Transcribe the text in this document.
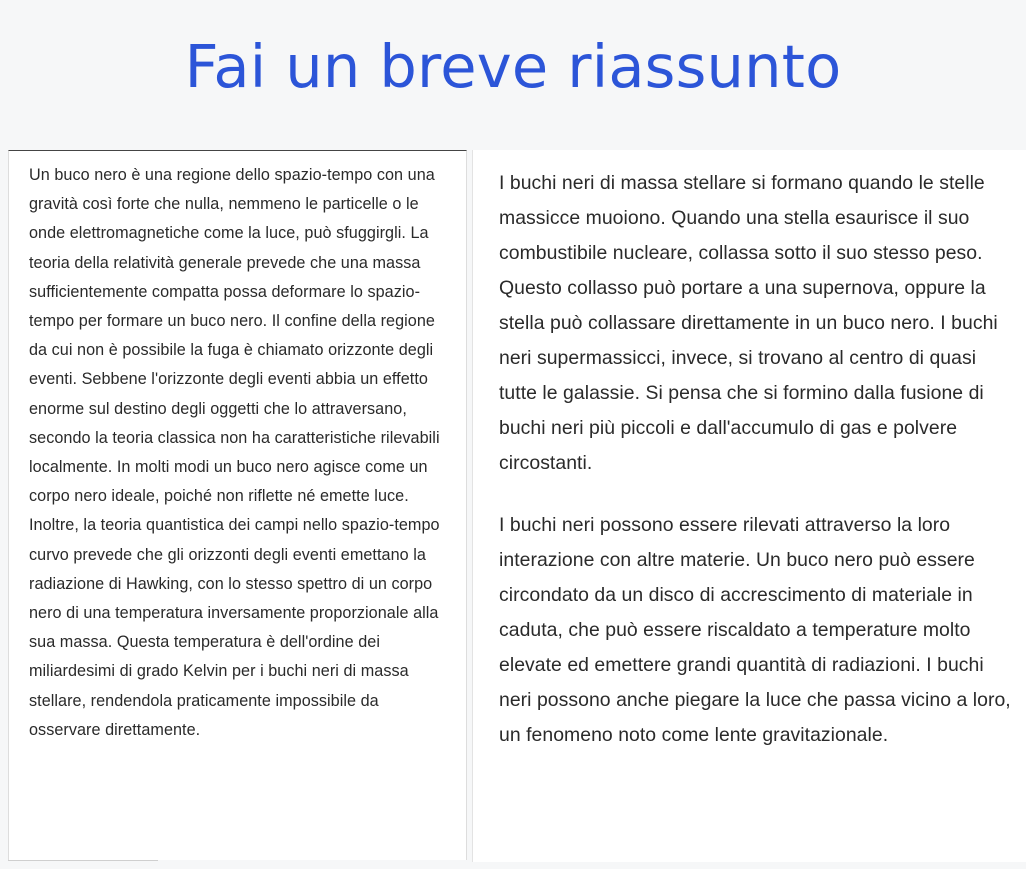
Fai un breve riassunto

Un buco nero è una regione dello spazio-tempo con una gravità così forte che nulla, nemmeno le particelle o le onde elettromagnetiche come la luce, può sfuggirgli. La teoria della relatività generale prevede che una massa sufficientemente compatta possa deformare lo spazio-tempo per formare un buco nero. Il confine della regione da cui non è possibile la fuga è chiamato orizzonte degli eventi. Sebbene l'orizzonte degli eventi abbia un effetto enorme sul destino degli oggetti che lo attraversano, secondo la teoria classica non ha caratteristiche rilevabili localmente. In molti modi un buco nero agisce come un corpo nero ideale, poiché non riflette né emette luce. Inoltre, la teoria quantistica dei campi nello spazio-tempo curvo prevede che gli orizzonti degli eventi emettano la radiazione di Hawking, con lo stesso spettro di un corpo nero di una temperatura inversamente proporzionale alla sua massa. Questa temperatura è dell'ordine dei miliardesimi di grado Kelvin per i buchi neri di massa stellare, rendendola praticamente impossibile da osservare direttamente.

I buchi neri di massa stellare si formano quando le stelle massicce muoiono. Quando una stella esaurisce il suo combustibile nucleare, collassa sotto il suo stesso peso. Questo collasso può portare a una supernova, oppure la stella può collassare direttamente in un buco nero. I buchi neri supermassicci, invece, si trovano al centro di quasi tutte le galassie. Si pensa che si formino dalla fusione di buchi neri più piccoli e dall'accumulo di gas e polvere circostanti.

I buchi neri possono essere rilevati attraverso la loro interazione con altre materie. Un buco nero può essere circondato da un disco di accrescimento di materiale in caduta, che può essere riscaldato a temperature molto elevate ed emettere grandi quantità di radiazioni. I buchi neri possono anche piegare la luce che passa vicino a loro, un fenomeno noto come lente gravitazionale.
